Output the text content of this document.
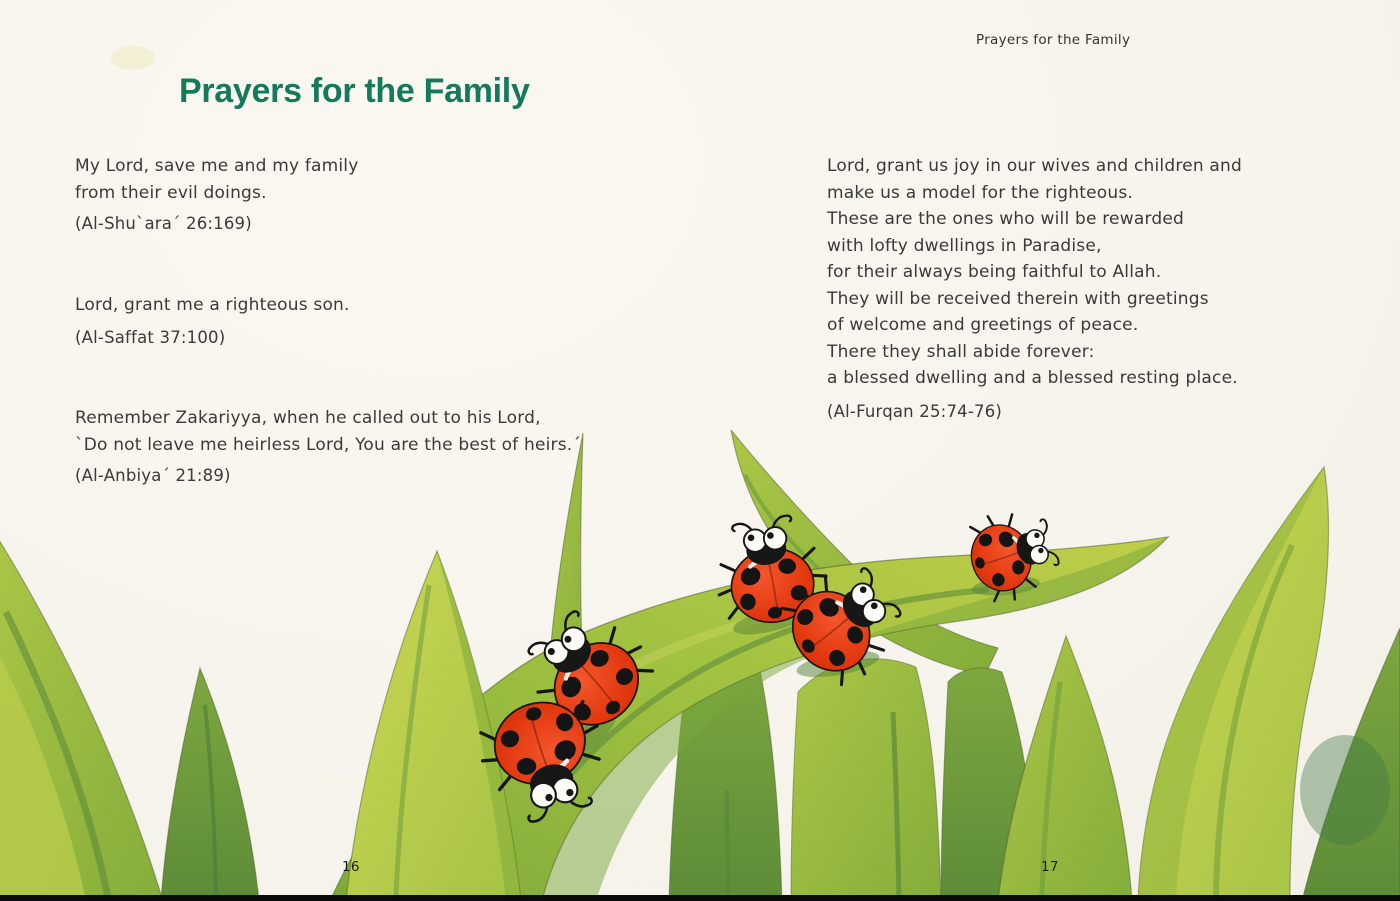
Prayers for the Family
Prayers for the Family

My Lord, save me and my family

from their evil doings.

(Al-Shu`ara´ 26:169)

Lord, grant me a righteous son.

(Al-Saffat 37:100)

Remember Zakariyya, when he called out to his Lord,

`Do not leave me heirless Lord, You are the best of heirs.´

(Al-Anbiya´ 21:89)

Lord, grant us joy in our wives and children and

make us a model for the righteous.

These are the ones who will be rewarded

with lofty dwellings in Paradise,

for their always being faithful to Allah.

They will be received therein with greetings

of welcome and greetings of peace.

There they shall abide forever:

a blessed dwelling and a blessed resting place.

(Al-Furqan 25:74-76)
16	17
